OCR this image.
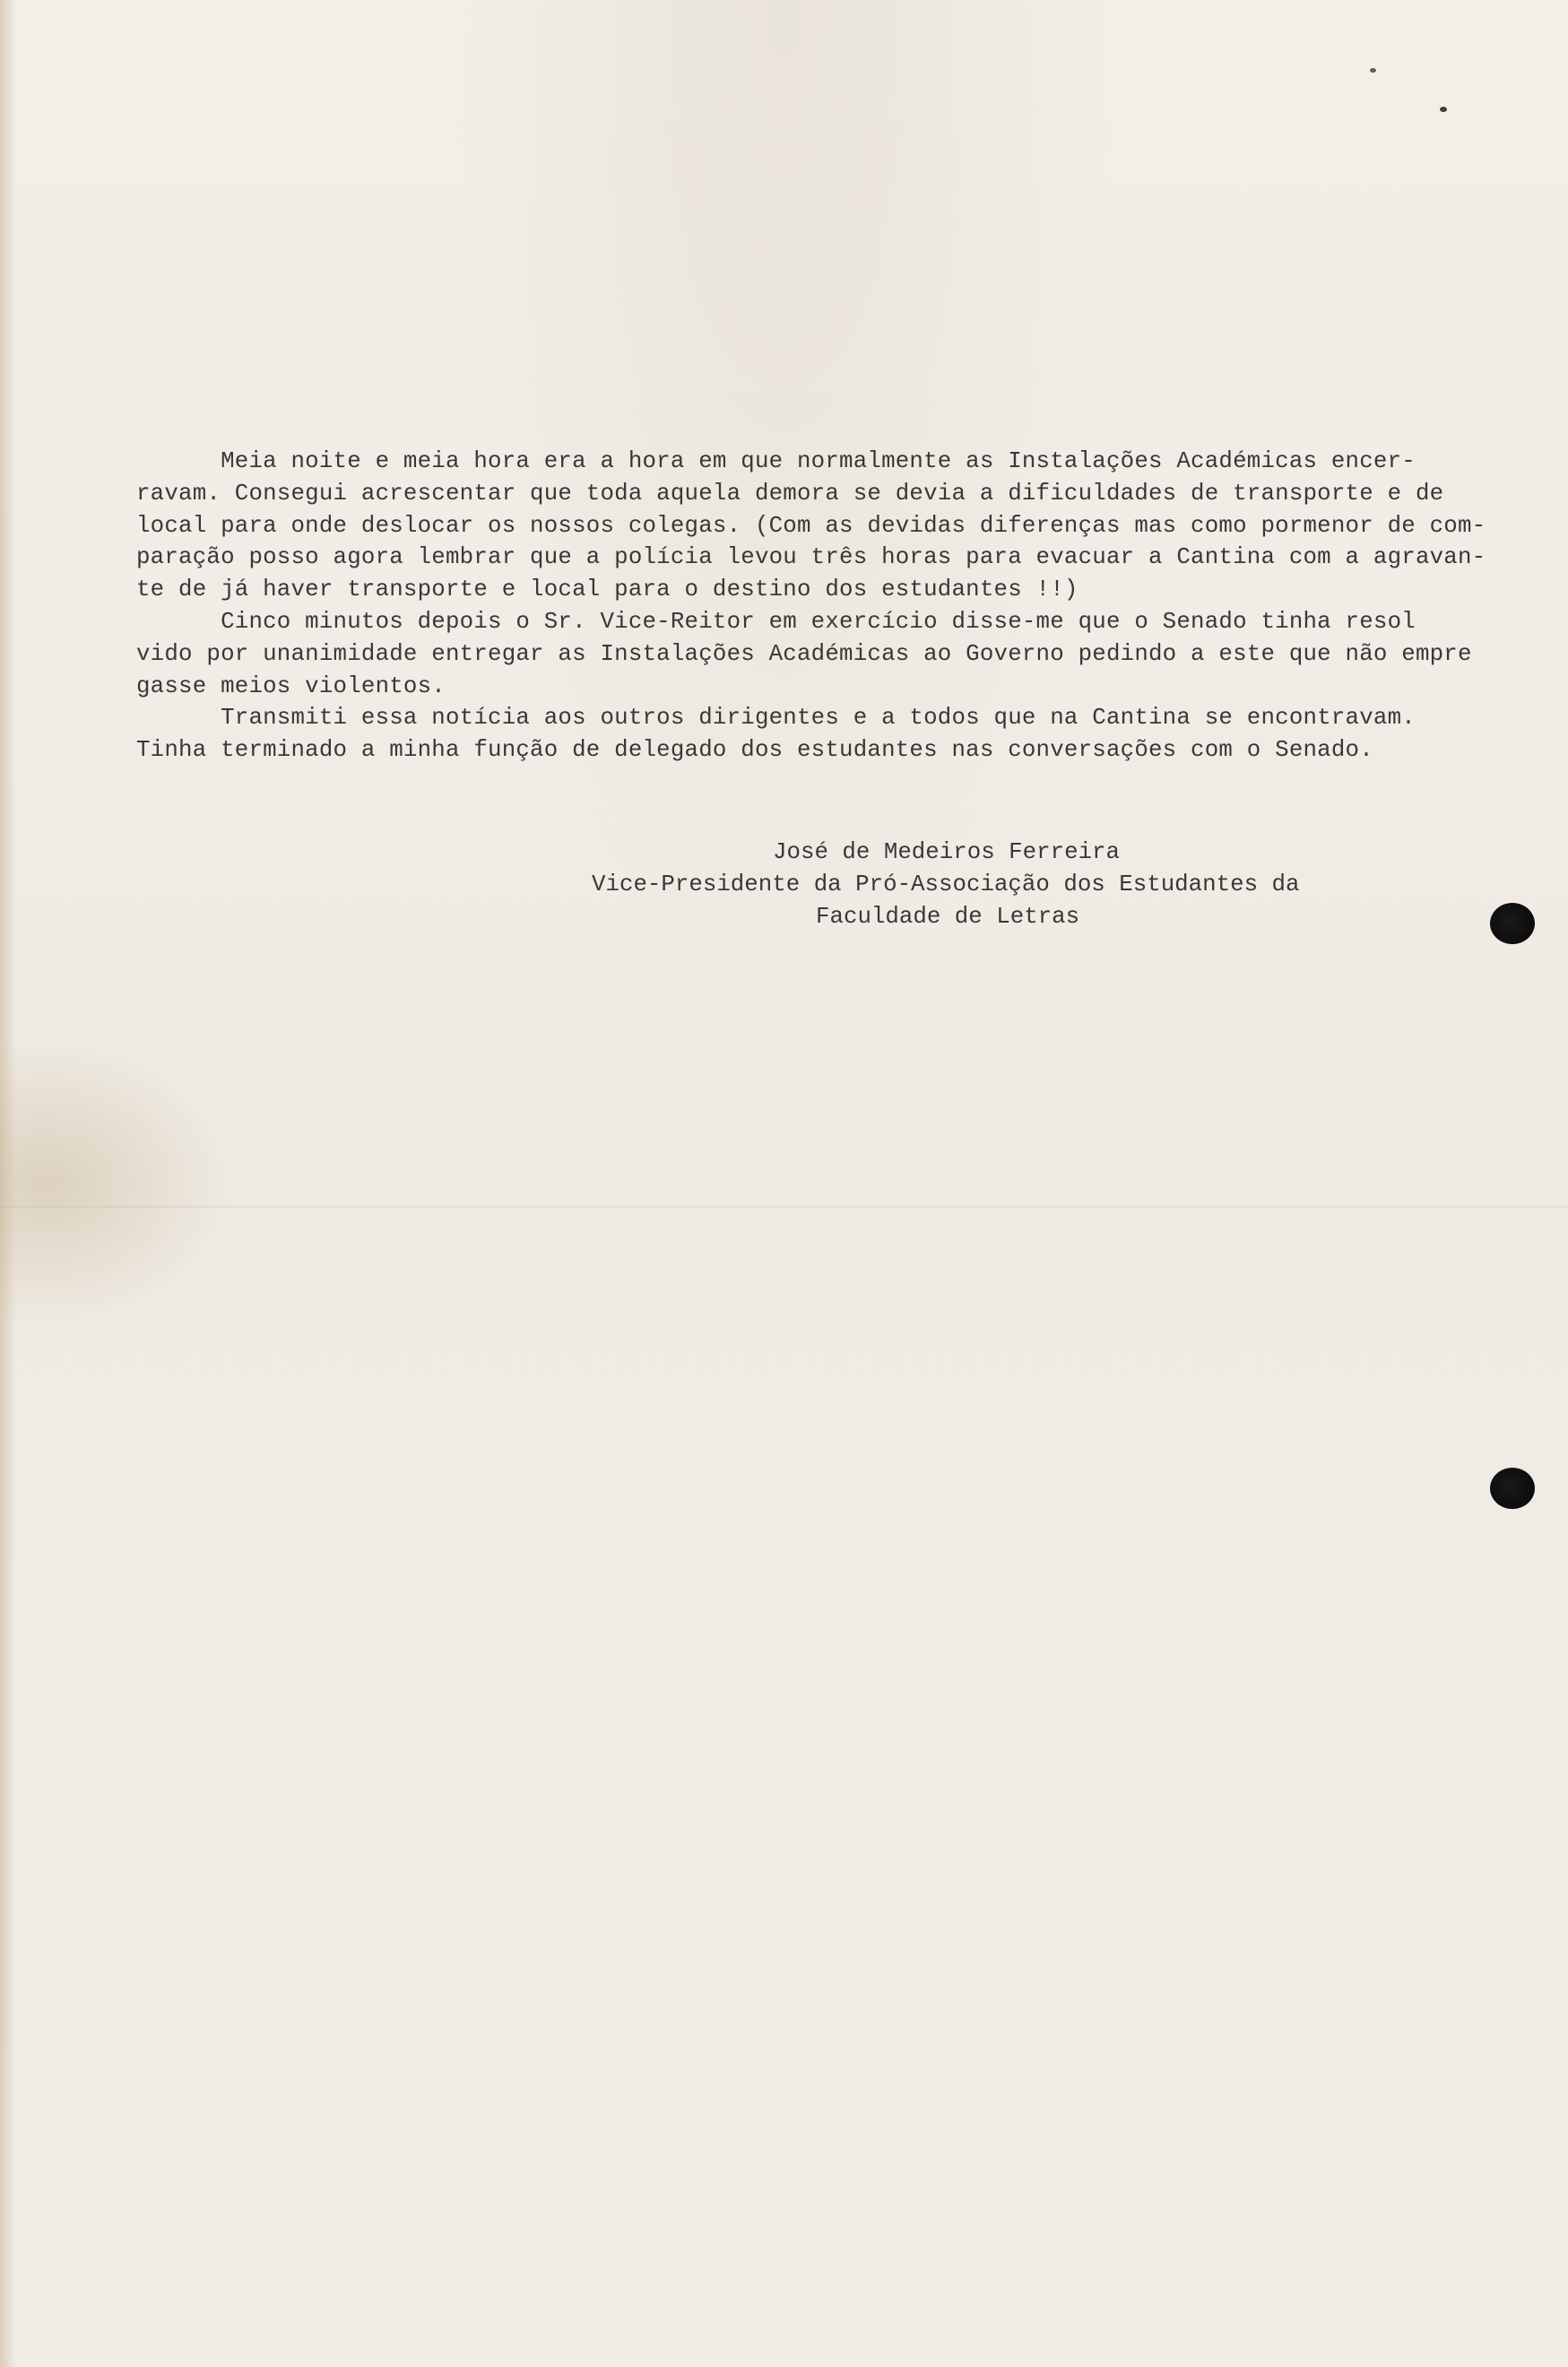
Meia noite e meia hora era a hora em que normalmente as Instalações Académicas encer-
ravam. Consegui acrescentar que toda aquela demora se devia a dificuldades de transporte e de
local para onde deslocar os nossos colegas. (Com as devidas diferenças mas como pormenor de com-
paração posso agora lembrar que a polícia levou três horas para evacuar a Cantina com a agravan-
te de já haver transporte e local para o destino dos estudantes !!)
Cinco minutos depois o Sr. Vice-Reitor em exercício disse-me que o Senado tinha resol
vido por unanimidade entregar as Instalações Académicas ao Governo pedindo a este que não empre
gasse meios violentos.
Transmiti essa notícia aos outros dirigentes e a todos que na Cantina se encontravam.
Tinha terminado a minha função de delegado dos estudantes nas conversações com o Senado.
José de Medeiros Ferreira
Vice-Presidente da Pró-Associação dos Estudantes da
Faculdade de Letras
